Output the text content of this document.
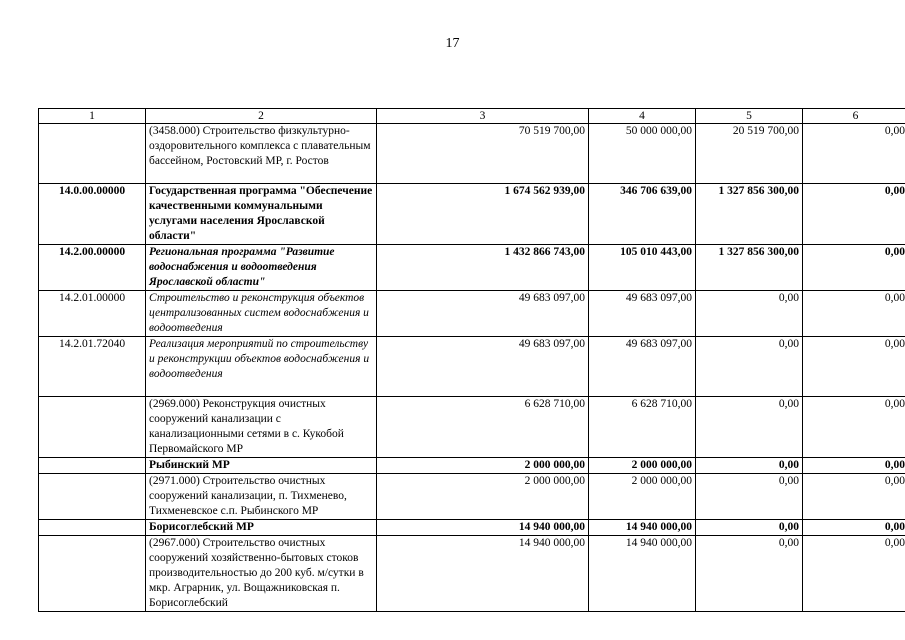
17
1	2	3	4	5	6
	(3458.000) Строительство физкультурно-оздоровительного комплекса с плавательным бассейном, Ростовский МР, г. Ростов	70 519 700,00	50 000 000,00	20 519 700,00	0,00
14.0.00.00000	Государственная программа "Обеспечение качественными коммунальными услугами населения Ярославской области"	1 674 562 939,00	346 706 639,00	1 327 856 300,00	0,00
14.2.00.00000	Региональная программа "Развитие водоснабжения и водоотведения Ярославской области"	1 432 866 743,00	105 010 443,00	1 327 856 300,00	0,00
14.2.01.00000	Строительство и реконструкция объектов централизованных систем водоснабжения и водоотведения	49 683 097,00	49 683 097,00	0,00	0,00
14.2.01.72040	Реализация мероприятий по строительству и реконструкции объектов водоснабжения и водоотведения	49 683 097,00	49 683 097,00	0,00	0,00
	(2969.000) Реконструкция очистных сооружений канализации с канализационными сетями в с. Кукобой Первомайского МР	6 628 710,00	6 628 710,00	0,00	0,00
	Рыбинский МР	2 000 000,00	2 000 000,00	0,00	0,00
	(2971.000) Строительство очистных сооружений канализации, п. Тихменево, Тихменевское с.п. Рыбинского МР	2 000 000,00	2 000 000,00	0,00	0,00
	Борисоглебский МР	14 940 000,00	14 940 000,00	0,00	0,00
	(2967.000) Строительство очистных сооружений хозяйственно-бытовых стоков производительностью до 200 куб. м/сутки в мкр. Аграрник, ул. Вощажниковская п. Борисоглебский	14 940 000,00	14 940 000,00	0,00	0,00
